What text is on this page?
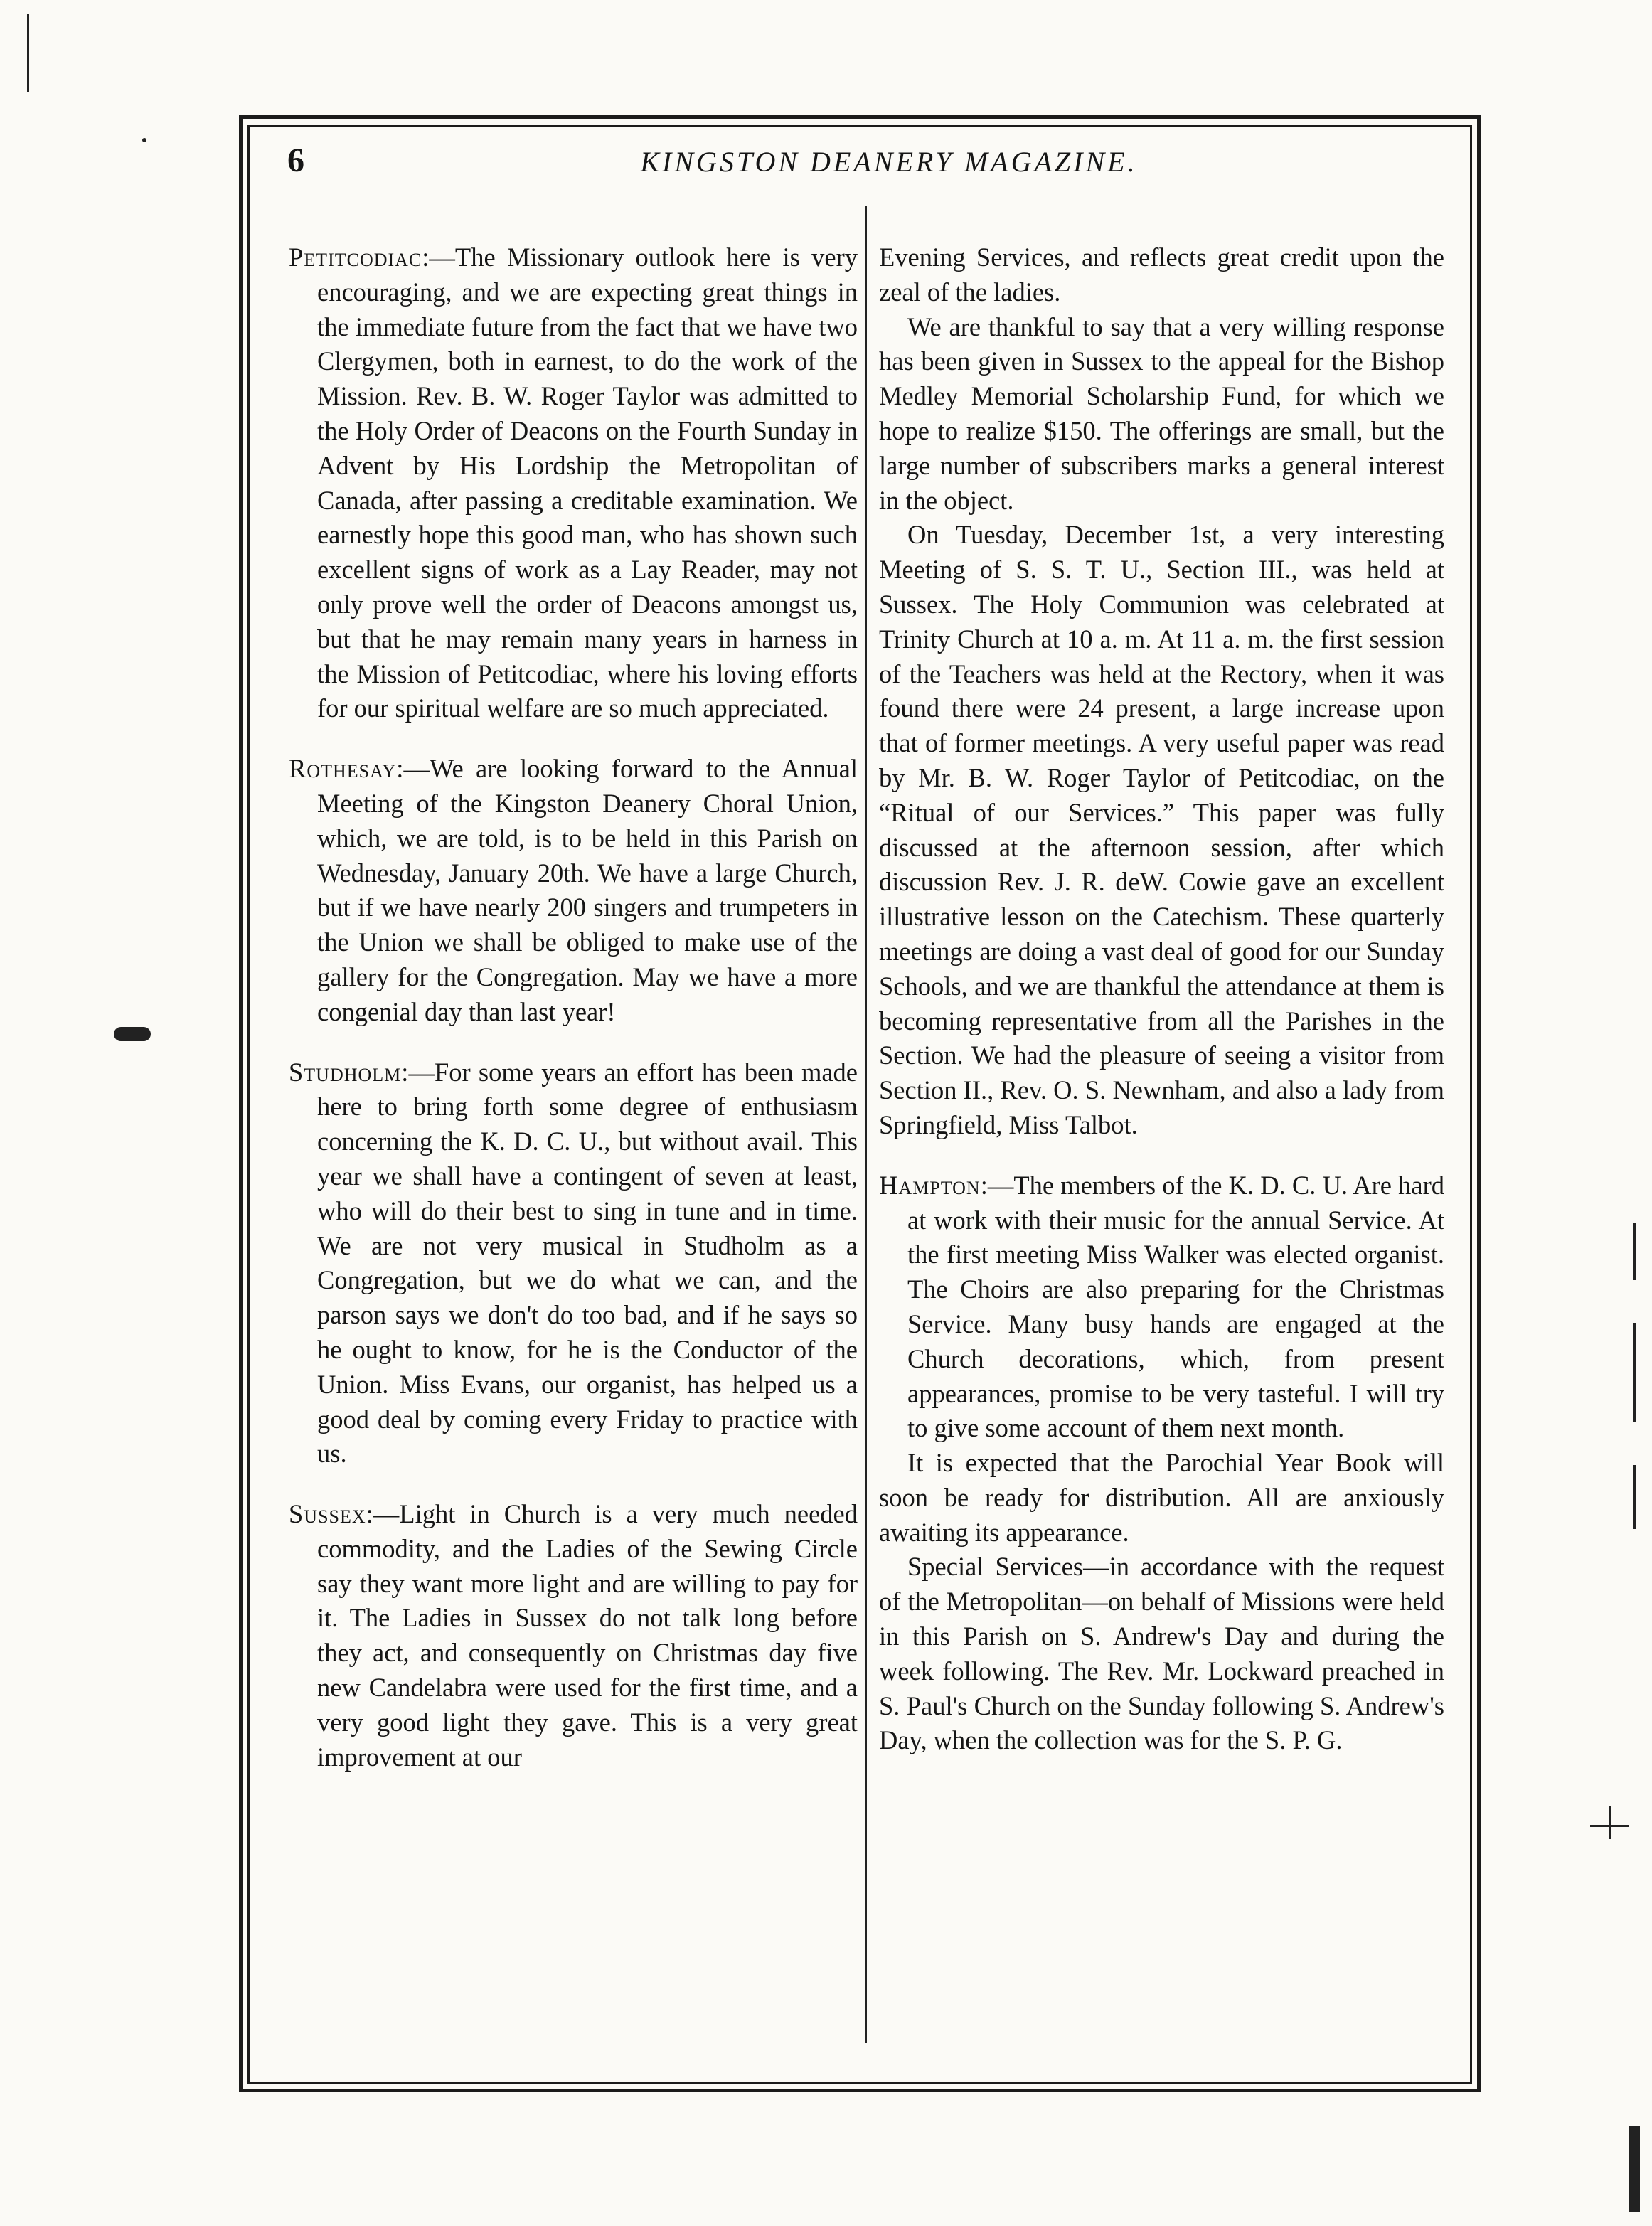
6	KINGSTON DEANERY MAGAZINE.

Petitcodiac:—The Missionary outlook here is very encouraging, and we are expecting great things in the immediate future from the fact that we have two Clergymen, both in earnest, to do the work of the Mission. Rev. B. W. Roger Taylor was admitted to the Holy Order of Deacons on the Fourth Sunday in Advent by His Lordship the Metropolitan of Canada, after passing a creditable examination. We earnestly hope this good man, who has shown such excellent signs of work as a Lay Reader, may not only prove well the order of Deacons amongst us, but that he may remain many years in harness in the Mission of Petitcodiac, where his loving efforts for our spiritual welfare are so much appreciated.

Rothesay:—We are looking forward to the Annual Meeting of the Kingston Deanery Choral Union, which, we are told, is to be held in this Parish on Wednesday, January 20th. We have a large Church, but if we have nearly 200 singers and trumpeters in the Union we shall be obliged to make use of the gallery for the Congregation. May we have a more congenial day than last year!

Studholm:—For some years an effort has been made here to bring forth some degree of enthusiasm concerning the K. D. C. U., but without avail. This year we shall have a contingent of seven at least, who will do their best to sing in tune and in time. We are not very musical in Studholm as a Congregation, but we do what we can, and the parson says we don't do too bad, and if he says so he ought to know, for he is the Conductor of the Union. Miss Evans, our organist, has helped us a good deal by coming every Friday to practice with us.

Sussex:—Light in Church is a very much needed commodity, and the Ladies of the Sewing Circle say they want more light and are willing to pay for it. The Ladies in Sussex do not talk long before they act, and consequently on Christmas day five new Candelabra were used for the first time, and a very good light they gave. This is a very great improvement at our

Evening Services, and reflects great credit upon the zeal of the ladies.

We are thankful to say that a very willing response has been given in Sussex to the appeal for the Bishop Medley Memorial Scholarship Fund, for which we hope to realize $150. The offerings are small, but the large number of subscribers marks a general interest in the object.

On Tuesday, December 1st, a very interesting Meeting of S. S. T. U., Section III., was held at Sussex. The Holy Communion was celebrated at Trinity Church at 10 a. m. At 11 a. m. the first session of the Teachers was held at the Rectory, when it was found there were 24 present, a large increase upon that of former meetings. A very useful paper was read by Mr. B. W. Roger Taylor of Petitcodiac, on the “Ritual of our Services.” This paper was fully discussed at the afternoon session, after which discussion Rev. J. R. deW. Cowie gave an excellent illustrative lesson on the Catechism. These quarterly meetings are doing a vast deal of good for our Sunday Schools, and we are thankful the attendance at them is becoming representative from all the Parishes in the Section. We had the pleasure of seeing a visitor from Section II., Rev. O. S. Newnham, and also a lady from Springfield, Miss Talbot.

Hampton:—The members of the K. D. C. U. Are hard at work with their music for the annual Service. At the first meeting Miss Walker was elected organist. The Choirs are also preparing for the Christmas Service. Many busy hands are engaged at the Church decorations, which, from present appearances, promise to be very tasteful. I will try to give some account of them next month.

It is expected that the Parochial Year Book will soon be ready for distribution. All are anxiously awaiting its appearance.

Special Services—in accordance with the request of the Metropolitan—on behalf of Missions were held in this Parish on S. Andrew's Day and during the week following. The Rev. Mr. Lockward preached in S. Paul's Church on the Sunday following S. Andrew's Day, when the collection was for the S. P. G.
